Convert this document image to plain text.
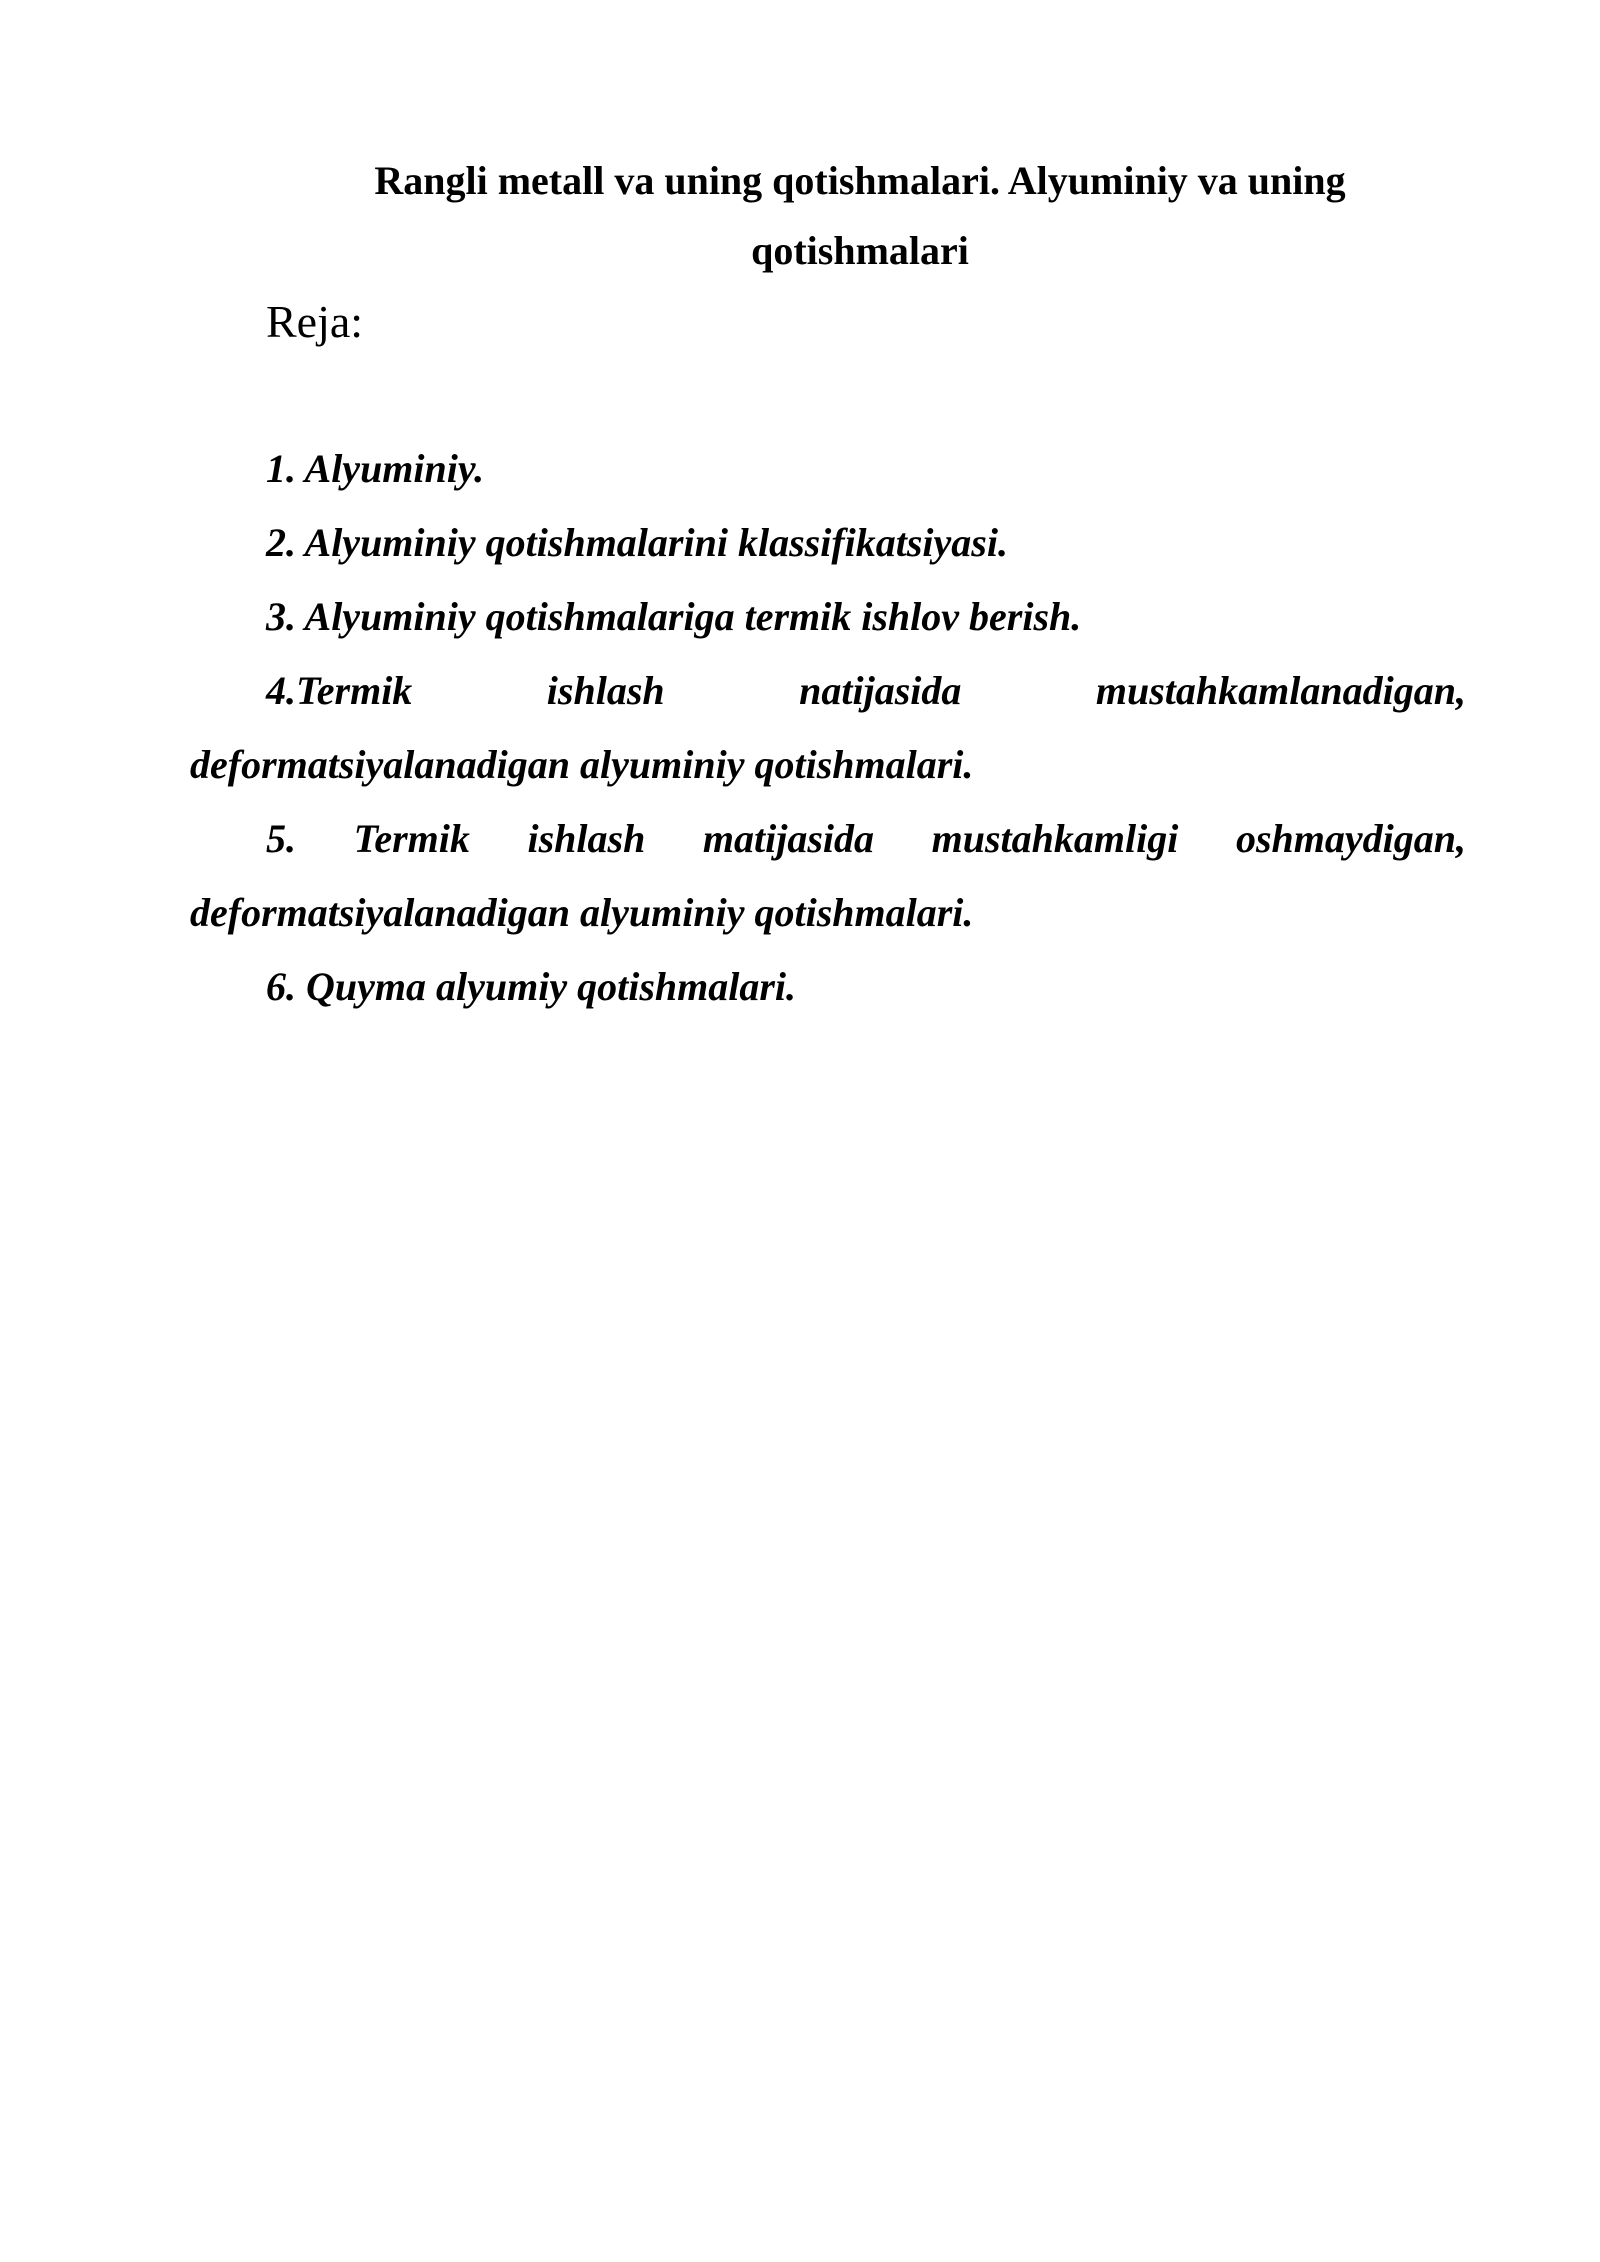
Rangli metall va uning qotishmalari. Alyuminiy va uning qotishmalari
Reja:

1. Alyuminiy.

2. Alyuminiy qotishmalarini klassifikatsiyasi.

3. Alyuminiy qotishmalariga termik ishlov berish.

4.Termik ishlash natijasida mustahkamlanadigan, deformatsiyalanadigan alyuminiy qotishmalari.

5. Termik ishlash matijasida mustahkamligi oshmaydigan, deformatsiyalanadigan alyuminiy qotishmalari.

6. Quyma alyumiy qotishmalari.
